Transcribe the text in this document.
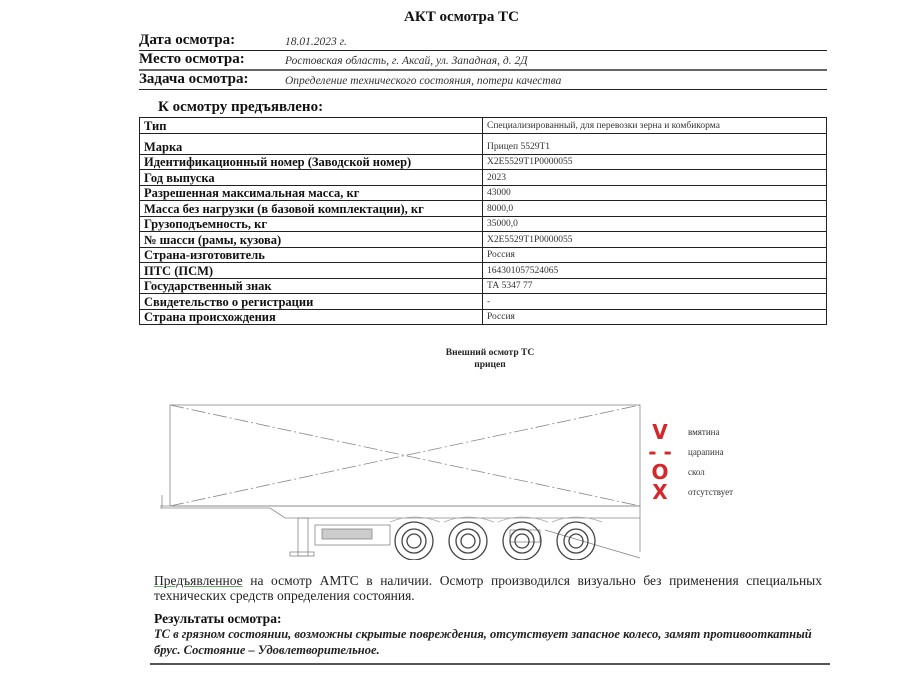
АКТ осмотра ТС
Дата осмотра:	18.01.2023 г.
Место осмотра:	Ростовская область, г. Аксай, ул. Западная, д. 2Д
Задача осмотра:	Определение технического состояния, потери качества
К осмотру предъявлено:
Тип	Специализированный, для перевозки зерна и комбикорма
Марка	Прицеп 5529Т1
Идентификационный номер (Заводской номер)	X2E5529T1P0000055
Год выпуска	2023
Разрешенная максимальная масса, кг	43000
Масса без нагрузки (в базовой комплектации), кг	8000,0
Грузоподъемность, кг	35000,0
№ шасси (рамы, кузова)	X2E5529T1P0000055
Страна-изготовитель	Россия
ПТС (ПСМ)	164301057524065
Государственный знак	ТА 5347 77
Свидетельство о регистрации	-
Страна происхождения	Россия
Внешний осмотр ТС
прицеп
V	вмятина
- - царапина
O	скол
X	отсутствует
Предъявленное на осмотр АМТС в наличии. Осмотр производился визуально без применения специальных технических средств определения состояния.
Результаты осмотра:
ТС в грязном состоянии, возможны скрытые повреждения, отсутствует запасное колесо, замят противооткатный брус. Состояние – Удовлетворительное.
